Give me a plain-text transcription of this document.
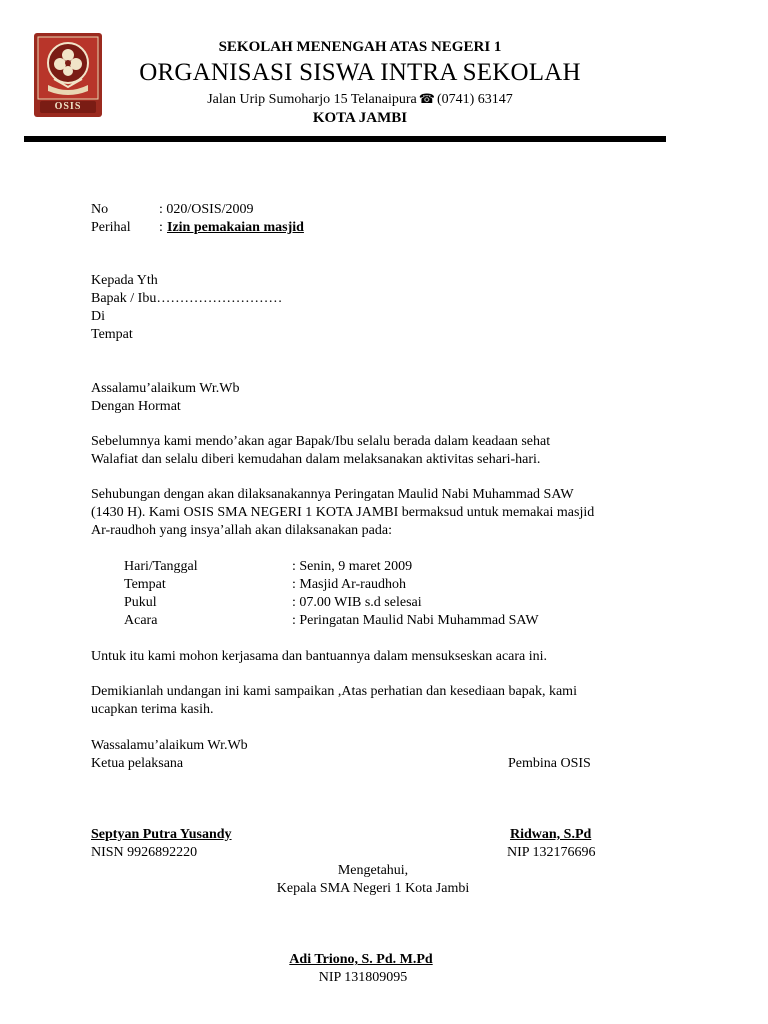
OSIS
SEKOLAH MENENGAH ATAS NEGERI 1
ORGANISASI SISWA INTRA SEKOLAH
Jalan Urip Sumoharjo 15 Telanaipura ☎ (0741) 63147
KOTA JAMBI
No	: 020/OSIS/2009
Perihal : Izin pemakaian masjid
Kepada Yth
Bapak / Ibu………………………
Di
Tempat
Assalamu’alaikum Wr.Wb
Dengan Hormat
Sebelumnya kami mendo’akan agar Bapak/Ibu selalu berada dalam keadaan sehat
Walafiat dan selalu diberi kemudahan dalam melaksanakan aktivitas sehari-hari.
Sehubungan dengan akan dilaksanakannya Peringatan Maulid Nabi Muhammad SAW
(1430 H). Kami OSIS SMA NEGERI 1 KOTA JAMBI bermaksud untuk memakai masjid
Ar-raudhoh yang insya’allah akan dilaksanakan pada:
Hari/Tanggal	: Senin, 9 maret 2009
Tempat	: Masjid Ar-raudhoh
Pukul	: 07.00 WIB s.d selesai
Acara	: Peringatan Maulid Nabi Muhammad SAW
Untuk itu kami mohon kerjasama dan bantuannya dalam mensukseskan acara ini.
Demikianlah undangan ini kami sampaikan ,Atas perhatian dan kesediaan bapak, kami
ucapkan terima kasih.
Wassalamu’alaikum Wr.Wb
Ketua pelaksana	Pembina OSIS
Septyan Putra Yusandy	Ridwan, S.Pd
NISN 9926892220	NIP 132176696
Mengetahui,
Kepala SMA Negeri 1 Kota Jambi
Adi Triono, S. Pd. M.Pd
NIP 131809095
